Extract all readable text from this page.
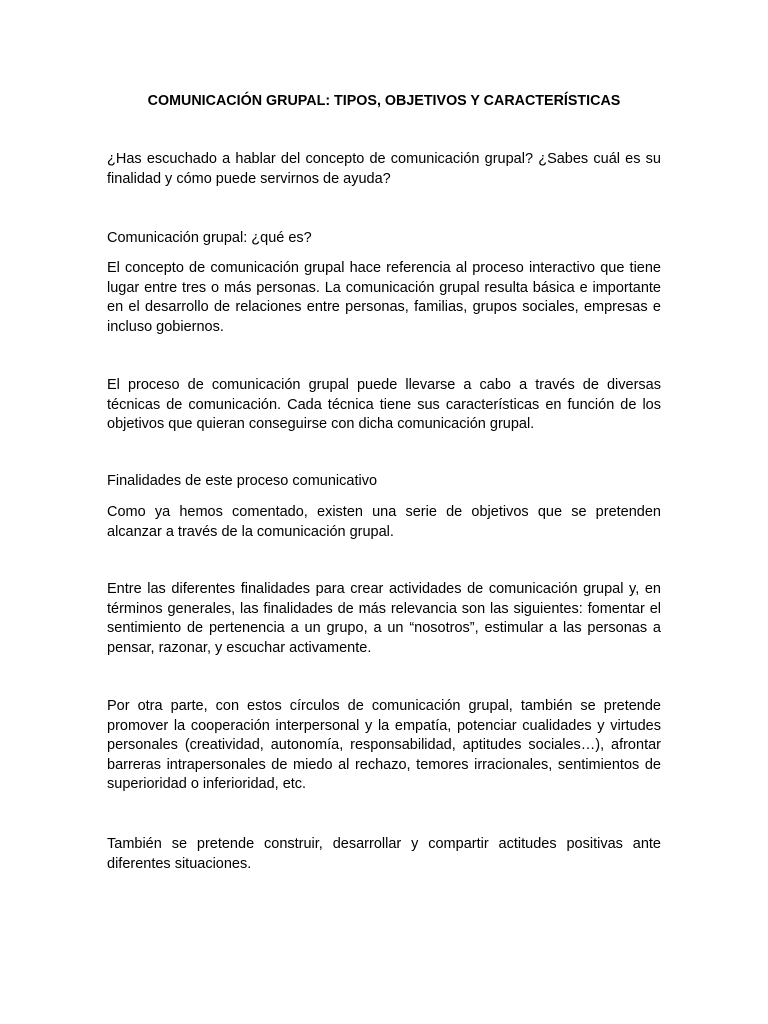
COMUNICACIÓN GRUPAL: TIPOS, OBJETIVOS Y CARACTERÍSTICAS
¿Has escuchado a hablar del concepto de comunicación grupal? ¿Sabes cuál es su finalidad y cómo puede servirnos de ayuda?
Comunicación grupal: ¿qué es?
El concepto de comunicación grupal hace referencia al proceso interactivo que tiene lugar entre tres o más personas. La comunicación grupal resulta básica e importante en el desarrollo de relaciones entre personas, familias, grupos sociales, empresas e incluso gobiernos.
El proceso de comunicación grupal puede llevarse a cabo a través de diversas técnicas de comunicación. Cada técnica tiene sus características en función de los objetivos que quieran conseguirse con dicha comunicación grupal.
Finalidades de este proceso comunicativo
Como ya hemos comentado, existen una serie de objetivos que se pretenden alcanzar a través de la comunicación grupal.
Entre las diferentes finalidades para crear actividades de comunicación grupal y, en términos generales, las finalidades de más relevancia son las siguientes: fomentar el sentimiento de pertenencia a un grupo, a un “nosotros”, estimular a las personas a pensar, razonar, y escuchar activamente.
Por otra parte, con estos círculos de comunicación grupal, también se pretende promover la cooperación interpersonal y la empatía, potenciar cualidades y virtudes personales (creatividad, autonomía, responsabilidad, aptitudes sociales…), afrontar barreras intrapersonales de miedo al rechazo, temores irracionales, sentimientos de superioridad o inferioridad, etc.
También se pretende construir, desarrollar y compartir actitudes positivas ante diferentes situaciones.
